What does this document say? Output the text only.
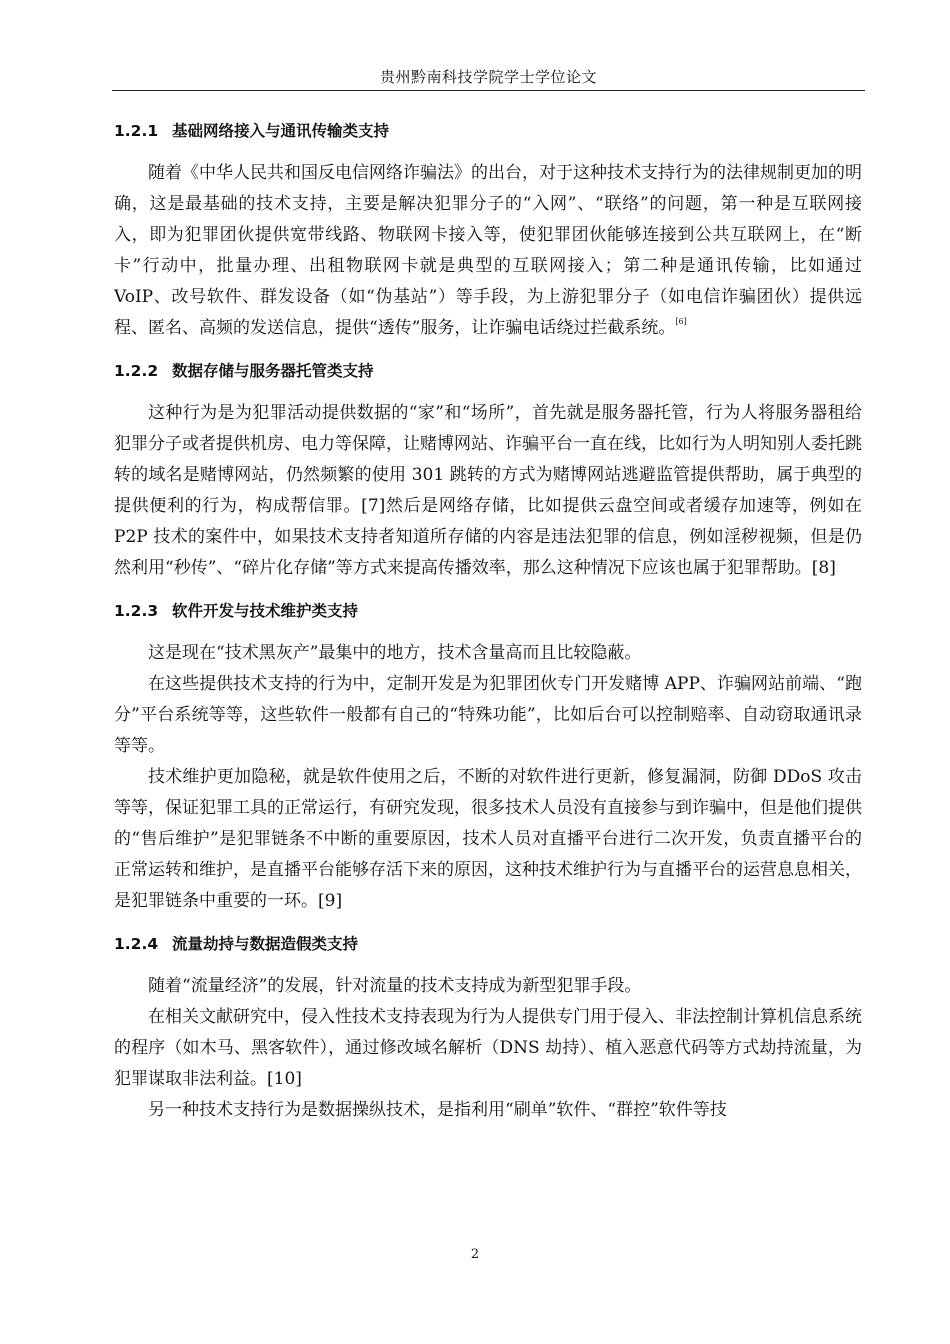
贵州黔南科技学院学士学位论文
1.2.1 基础网络接入与通讯传输类支持

随着《中华人民共和国反电信网络诈骗法》的出台，对于这种技术支持行为的法律规制更加的明确，这是最基础的技术支持，主要是解决犯罪分子的“入网”、“联络”的问题，第一种是互联网接入，即为犯罪团伙提供宽带线路、物联网卡接入等，使犯罪团伙能够连接到公共互联网上，在“断卡”行动中，批量办理、出租物联网卡就是典型的互联网接入；第二种是通讯传输，比如通过 VoIP、改号软件、群发设备（如“伪基站”）等手段，为上游犯罪分子（如电信诈骗团伙）提供远程、匿名、高频的发送信息，提供“透传”服务，让诈骗电话绕过拦截系统。[6]

1.2.2 数据存储与服务器托管类支持

这种行为是为犯罪活动提供数据的“家”和“场所”，首先就是服务器托管，行为人将服务器租给犯罪分子或者提供机房、电力等保障，让赌博网站、诈骗平台一直在线，比如行为人明知别人委托跳转的域名是赌博网站，仍然频繁的使用 301 跳转的方式为赌博网站逃避监管提供帮助，属于典型的提供便利的行为，构成帮信罪。[7]然后是网络存储，比如提供云盘空间或者缓存加速等，例如在 P2P 技术的案件中，如果技术支持者知道所存储的内容是违法犯罪的信息，例如淫秽视频，但是仍然利用“秒传”、“碎片化存储”等方式来提高传播效率，那么这种情况下应该也属于犯罪帮助。[8]

1.2.3 软件开发与技术维护类支持

这是现在“技术黑灰产”最集中的地方，技术含量高而且比较隐蔽。

在这些提供技术支持的行为中，定制开发是为犯罪团伙专门开发赌博 APP、诈骗网站前端、“跑分”平台系统等等，这些软件一般都有自己的“特殊功能”，比如后台可以控制赔率、自动窃取通讯录等等。

技术维护更加隐秘，就是软件使用之后，不断的对软件进行更新，修复漏洞，防御 DDoS 攻击等等，保证犯罪工具的正常运行，有研究发现，很多技术人员没有直接参与到诈骗中，但是他们提供的“售后维护”是犯罪链条不中断的重要原因，技术人员对直播平台进行二次开发，负责直播平台的正常运转和维护，是直播平台能够存活下来的原因，这种技术维护行为与直播平台的运营息息相关，是犯罪链条中重要的一环。[9]

1.2.4 流量劫持与数据造假类支持

随着“流量经济”的发展，针对流量的技术支持成为新型犯罪手段。

在相关文献研究中，侵入性技术支持表现为行为人提供专门用于侵入、非法控制计算机信息系统的程序（如木马、黑客软件），通过修改域名解析（DNS 劫持）、植入恶意代码等方式劫持流量，为犯罪谋取非法利益。[10]

另一种技术支持行为是数据操纵技术，是指利用“刷单”软件、“群控”软件等技

2
